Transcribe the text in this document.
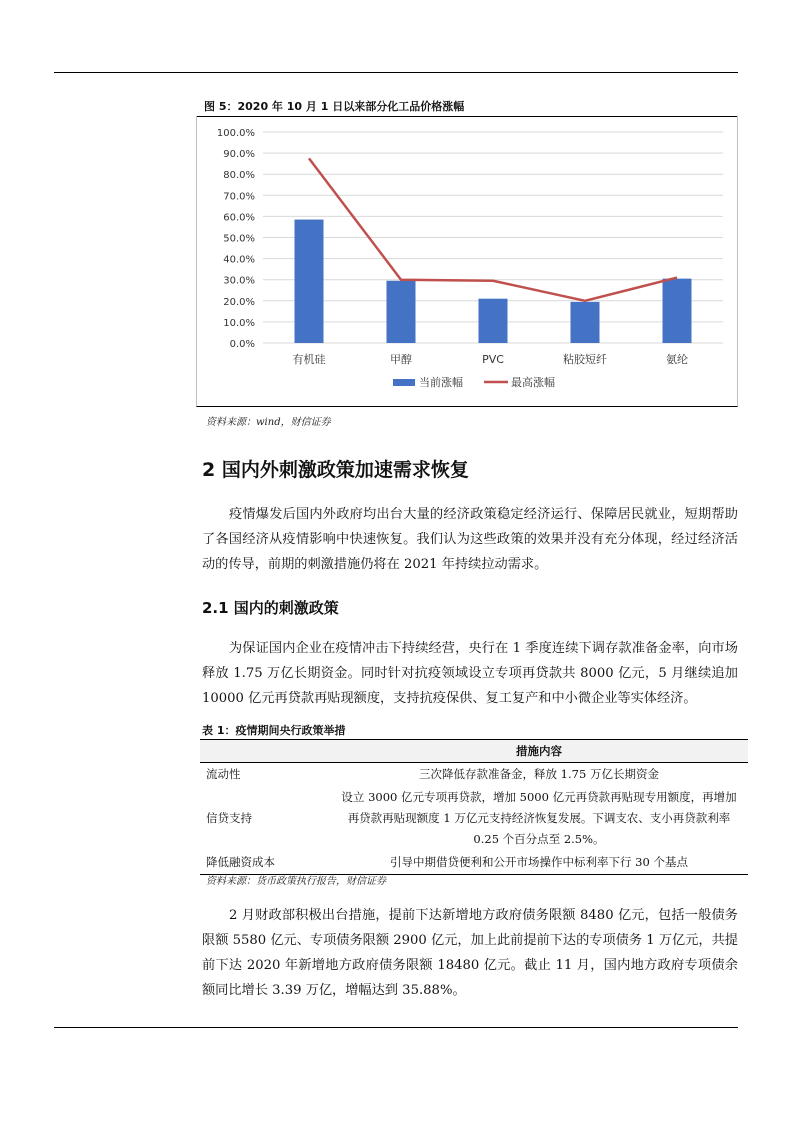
图 5：2020 年 10 月 1 日以来部分化工品价格涨幅
0.0%
10.0%
20.0%
30.0%
40.0%
50.0%
60.0%
70.0%
80.0%
90.0%
100.0%
有机硅	甲醇	PVC	粘胶短纤	氨纶
当前涨幅	最高涨幅
资料来源：wind，财信证券
2 国内外刺激政策加速需求恢复
疫情爆发后国内外政府均出台大量的经济政策稳定经济运行、保障居民就业，短期帮助了各国经济从疫情影响中快速恢复。我们认为这些政策的效果并没有充分体现，经过经济活动的传导，前期的刺激措施仍将在 2021 年持续拉动需求。
2.1 国内的刺激政策
为保证国内企业在疫情冲击下持续经营，央行在 1 季度连续下调存款准备金率，向市场释放 1.75 万亿长期资金。同时针对抗疫领域设立专项再贷款共 8000 亿元，5 月继续追加 10000 亿元再贷款再贴现额度，支持抗疫保供、复工复产和中小微企业等实体经济。
表 1：疫情期间央行政策举措
	措施内容
流动性	三次降低存款准备金，释放 1.75 万亿长期资金
信贷支持	设立 3000 亿元专项再贷款，增加 5000 亿元再贷款再贴现专用额度，再增加再贷款再贴现额度 1 万亿元支持经济恢复发展。下调支农、支小再贷款利率 0.25 个百分点至 2.5%。
降低融资成本	引导中期借贷便利和公开市场操作中标利率下行 30 个基点
资料来源：货币政策执行报告，财信证券
2 月财政部积极出台措施，提前下达新增地方政府债务限额 8480 亿元，包括一般债务限额 5580 亿元、专项债务限额 2900 亿元，加上此前提前下达的专项债务 1 万亿元，共提前下达 2020 年新增地方政府债务限额 18480 亿元。截止 11 月，国内地方政府专项债余额同比增长 3.39 万亿，增幅达到 35.88%。
